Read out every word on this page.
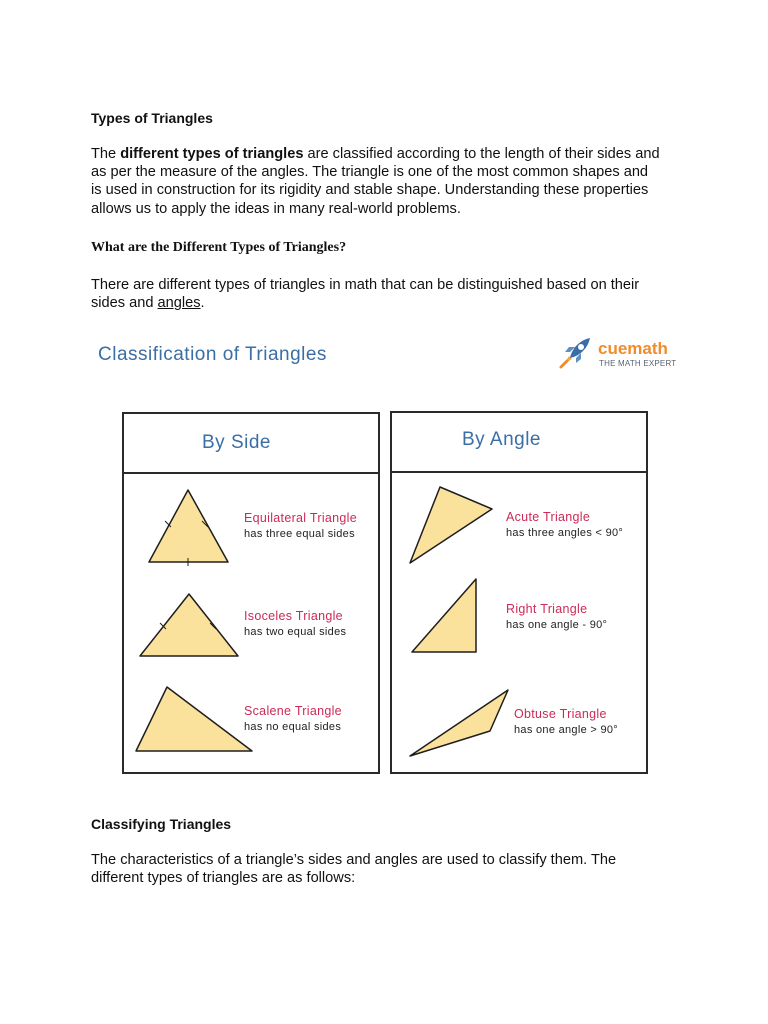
Types of Triangles
The different types of triangles are classified according to the length of their sides and
as per the measure of the angles. The triangle is one of the most common shapes and
is used in construction for its rigidity and stable shape. Understanding these properties
allows us to apply the ideas in many real-world problems.
What are the Different Types of Triangles?
There are different types of triangles in math that can be distinguished based on their
sides and angles.
Classification of Triangles	cuemath
THE MATH EXPERT
By Side
Equilateral Triangle
has three equal sides
Isoceles Triangle
has two equal sides
Scalene Triangle
has no equal sides
By Angle
Acute Triangle
has three angles < 90°
Right Triangle
has one angle - 90°
Obtuse Triangle
has one angle > 90°
Classifying Triangles
The characteristics of a triangle’s sides and angles are used to classify them. The
different types of triangles are as follows:
